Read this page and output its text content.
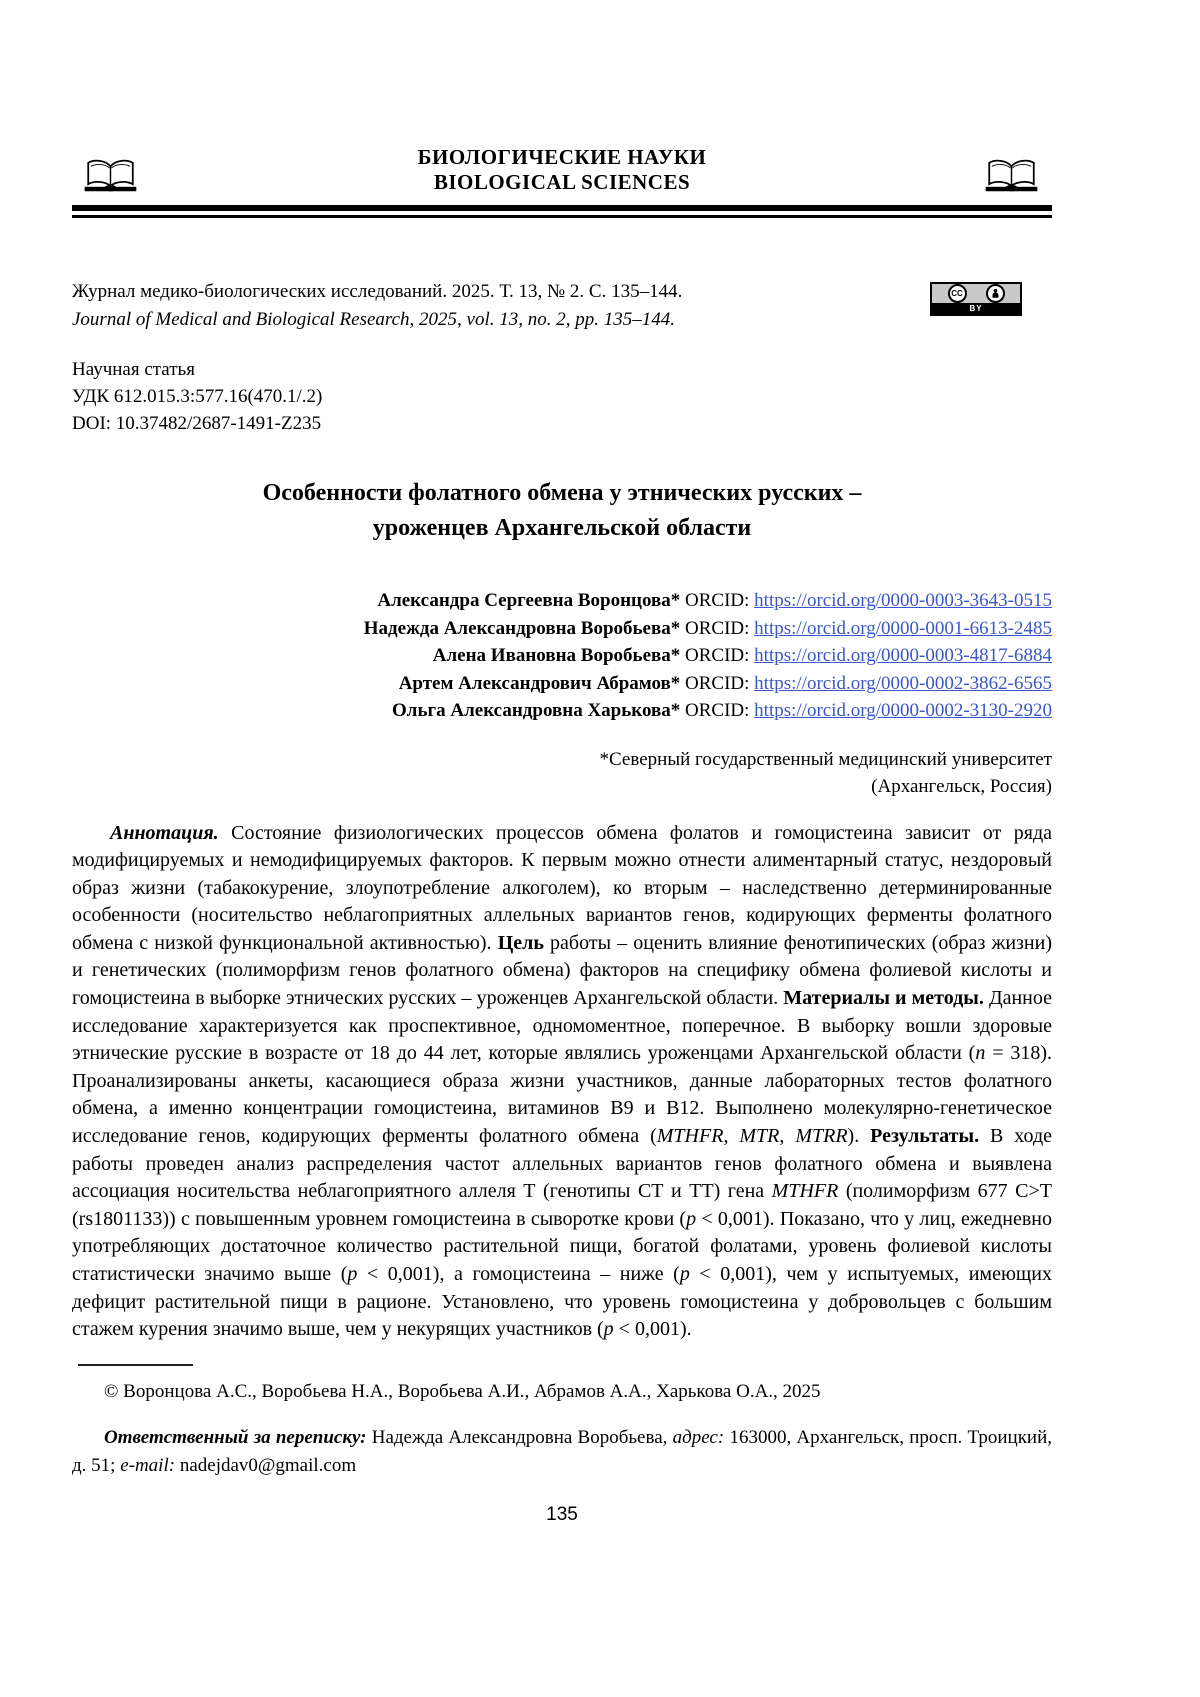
БИОЛОГИЧЕСКИЕ НАУКИ
BIOLOGICAL SCIENCES
Журнал медико-биологических исследований. 2025. Т. 13, № 2. С. 135–144.
Journal of Medical and Biological Research, 2025, vol. 13, no. 2, pp. 135–144.
CC
BY
Научная статья
УДК 612.015.3:577.16(470.1/.2)
DOI: 10.37482/2687-1491-Z235
Особенности фолатного обмена у этнических русских –
уроженцев Архангельской области
Александра Сергеевна Воронцова* ORCID: https://orcid.org/0000-0003-3643-0515
Надежда Александровна Воробьева* ORCID: https://orcid.org/0000-0001-6613-2485
Алена Ивановна Воробьева* ORCID: https://orcid.org/0000-0003-4817-6884
Артем Александрович Абрамов* ORCID: https://orcid.org/0000-0002-3862-6565
Ольга Александровна Харькова* ORCID: https://orcid.org/0000-0002-3130-2920
*Северный государственный медицинский университет
(Архангельск, Россия)

Аннотация. Состояние физиологических процессов обмена фолатов и гомоцистеина зависит от ряда модифицируемых и немодифицируемых факторов. К первым можно отнести алиментарный статус, нездоровый образ жизни (табакокурение, злоупотребление алкоголем), ко вторым – наследственно детерминированные особенности (носительство неблагоприятных аллельных вариантов генов, кодирующих ферменты фолатного обмена с низкой функциональной активностью). Цель работы – оценить влияние фенотипических (образ жизни) и генетических (полиморфизм генов фолатного обмена) факторов на специфику обмена фолиевой кислоты и гомоцистеина в выборке этнических русских – уроженцев Архангельской области. Материалы и методы. Данное исследование характеризуется как проспективное, одномоментное, поперечное. В выборку вошли здоровые этнические русские в возрасте от 18 до 44 лет, которые являлись уроженцами Архангельской области (n = 318). Проанализированы анкеты, касающиеся образа жизни участников, данные лабораторных тестов фолатного обмена, а именно концентрации гомоцистеина, витаминов B9 и B12. Выполнено молекулярно-генетическое исследование генов, кодирующих ферменты фолатного обмена (MTHFR, MTR, MTRR). Результаты. В ходе работы проведен анализ распределения частот аллельных вариантов генов фолатного обмена и выявлена ассоциация носительства неблагоприятного аллеля Т (генотипы СТ и ТТ) гена MTHFR (полиморфизм 677 C>T (rs1801133)) с повышенным уровнем гомоцистеина в сыворотке крови (p < 0,001). Показано, что у лиц, ежедневно употребляющих достаточное количество растительной пищи, богатой фолатами, уровень фолиевой кислоты статистически значимо выше (p < 0,001), а гомоцистеина – ниже (p < 0,001), чем у испытуемых, имеющих дефицит растительной пищи в рационе. Установлено, что уровень гомоцистеина у добровольцев с большим стажем курения значимо выше, чем у некурящих участников (p < 0,001).

© Воронцова А.С., Воробьева Н.А., Воробьева А.И., Абрамов А.А., Харькова О.А., 2025

Ответственный за переписку: Надежда Александровна Воробьева, адрес: 163000, Архангельск, просп. Троицкий, д. 51; e-mail: nadejdav0@gmail.com

135
